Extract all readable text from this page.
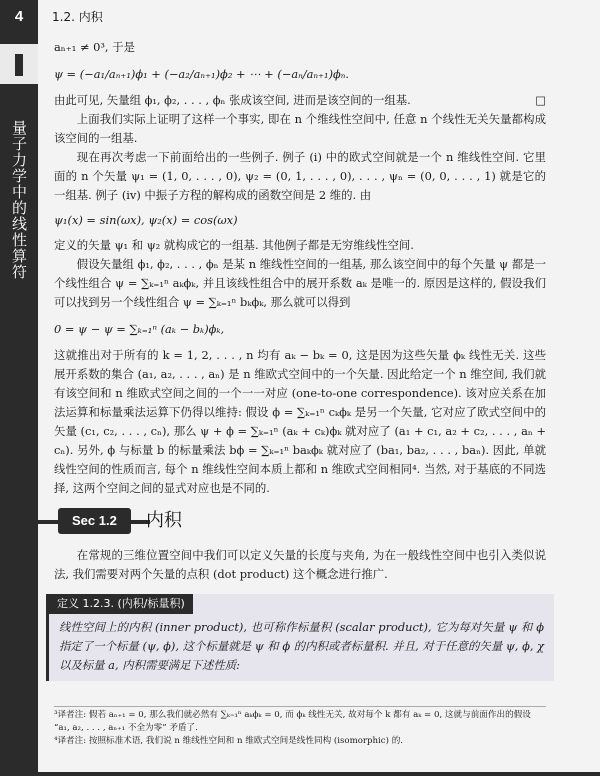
4
量子力学中的线性算符
1.2. 内积

aₙ₊₁ ≠ 0³, 于是

ψ = (−a₁/aₙ₊₁)ϕ₁ + (−a₂/aₙ₊₁)ϕ₂ + ⋯ + (−aₙ/aₙ₊₁)ϕₙ.

由此可见, 矢量组 ϕ₁, ϕ₂, . . . , ϕₙ 张成该空间, 进而是该空间的一组基.	□

上面我们实际上证明了这样一个事实, 即在 n 个维线性空间中, 任意 n 个线性无关矢量都构成该空间的一组基.

现在再次考虑一下前面给出的一些例子. 例子 (i) 中的欧式空间就是一个 n 维线性空间. 它里面的 n 个矢量 ψ₁ = (1, 0, . . . , 0), ψ₂ = (0, 1, . . . , 0), . . . , ψₙ = (0, 0, . . . , 1) 就是它的一组基. 例子 (iv) 中振子方程的解构成的函数空间是 2 维的. 由

ψ₁(x) = sin(ωx), ψ₂(x) = cos(ωx)

定义的矢量 ψ₁ 和 ψ₂ 就构成它的一组基. 其他例子都是无穷维线性空间.

假设矢量组 ϕ₁, ϕ₂, . . . , ϕₙ 是某 n 维线性空间的一组基, 那么该空间中的每个矢量 ψ 都是一个线性组合 ψ = ∑ₖ₌₁ⁿ aₖϕₖ, 并且该线性组合中的展开系数 aₖ 是唯一的. 原因是这样的, 假设我们可以找到另一个线性组合 ψ = ∑ₖ₌₁ⁿ bₖϕₖ, 那么就可以得到

0 = ψ − ψ = ∑ₖ₌₁ⁿ (aₖ − bₖ)ϕₖ,

这就推出对于所有的 k = 1, 2, . . . , n 均有 aₖ − bₖ = 0, 这是因为这些矢量 ϕₖ 线性无关. 这些展开系数的集合 (a₁, a₂, . . . , aₙ) 是 n 维欧式空间中的一个矢量. 因此给定一个 n 维空间, 我们就有该空间和 n 维欧式空间之间的一个一一对应 (one-to-one correspondence). 该对应关系在加法运算和标量乘法运算下仍得以维持: 假设 ϕ = ∑ₖ₌₁ⁿ cₖϕₖ 是另一个矢量, 它对应了欧式空间中的矢量 (c₁, c₂, . . . , cₙ), 那么 ψ + ϕ = ∑ₖ₌₁ⁿ (aₖ + cₖ)ϕₖ 就对应了 (a₁ + c₁, a₂ + c₂, . . . , aₙ + cₙ). 另外, ϕ 与标量 b 的标量乘法 bϕ = ∑ₖ₌₁ⁿ baₖϕₖ 就对应了 (ba₁, ba₂, . . . , baₙ). 因此, 单就线性空间的性质而言, 每个 n 维线性空间本质上都和 n 维欧式空间相同⁴. 当然, 对于基底的不同选择, 这两个空间之间的显式对应也是不同的.

Sec 1.2	内积

在常规的三维位置空间中我们可以定义矢量的长度与夹角, 为在一般线性空间中也引入类似说法, 我们需要对两个矢量的点积 (dot product) 这个概念进行推广.

定义 1.2.3. (内积/标量积)

线性空间上的内积 (inner product), 也可称作标量积 (scalar product), 它为每对矢量 ψ 和 ϕ 指定了一个标量 (ψ, ϕ), 这个标量就是 ψ 和 ϕ 的内积或者标量积. 并且, 对于任意的矢量 ψ, ϕ, χ 以及标量 a, 内积需要满足下述性质:

³译者注: 假若 aₙ₊₁ = 0, 那么我们就必然有 ∑ₖ₌₁ⁿ aₖϕₖ = 0, 而 ϕₖ 线性无关, 故对每个 k 都有 aₖ = 0, 这就与前面作出的假设 “a₁, a₂, . . . , aₙ₊₁ 不全为零” 矛盾了.

⁴译者注: 按照标准术语, 我们说 n 维线性空间和 n 维欧式空间是线性同构 (isomorphic) 的.
